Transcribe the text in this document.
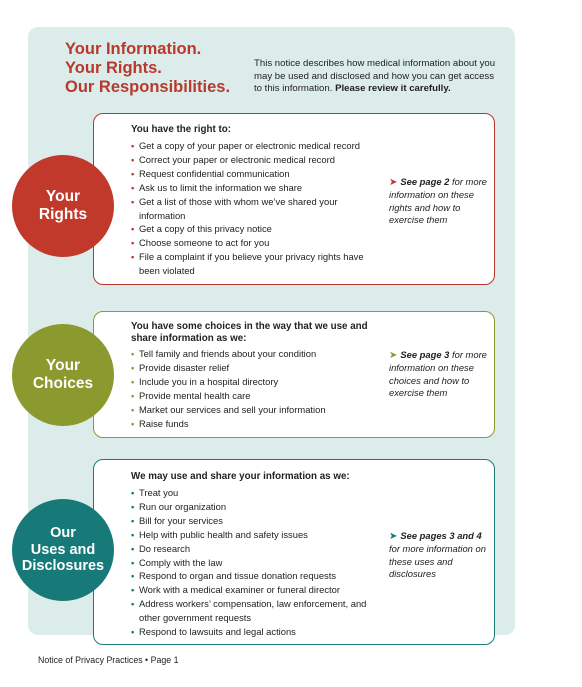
Your Information.
Your Rights.
Our Responsibilities.
This notice describes how medical information about you may be used and disclosed and how you can get access to this information. Please review it carefully.
Your
Rights
You have the right to:
• Get a copy of your paper or electronic medical record
• Correct your paper or electronic medical record
• Request confidential communication
• Ask us to limit the information we share
• Get a list of those with whom we’ve shared your information
• Get a copy of this privacy notice
• Choose someone to act for you
• File a complaint if you believe your privacy rights have been violated
➤ See page 2 for more information on these rights and how to exercise them
Your
Choices
You have some choices in the way that we use and share information as we:
• Tell family and friends about your condition
• Provide disaster relief
• Include you in a hospital directory
• Provide mental health care
• Market our services and sell your information
• Raise funds
➤ See page 3 for more information on these choices and how to exercise them
Our
Uses and
Disclosures
We may use and share your information as we:
• Treat you
• Run our organization
• Bill for your services
• Help with public health and safety issues
• Do research
• Comply with the law
• Respond to organ and tissue donation requests
• Work with a medical examiner or funeral director
• Address workers’ compensation, law enforcement, and other government requests
• Respond to lawsuits and legal actions
➤ See pages 3 and 4 for more information on these uses and disclosures
Notice of Privacy Practices • Page 1
